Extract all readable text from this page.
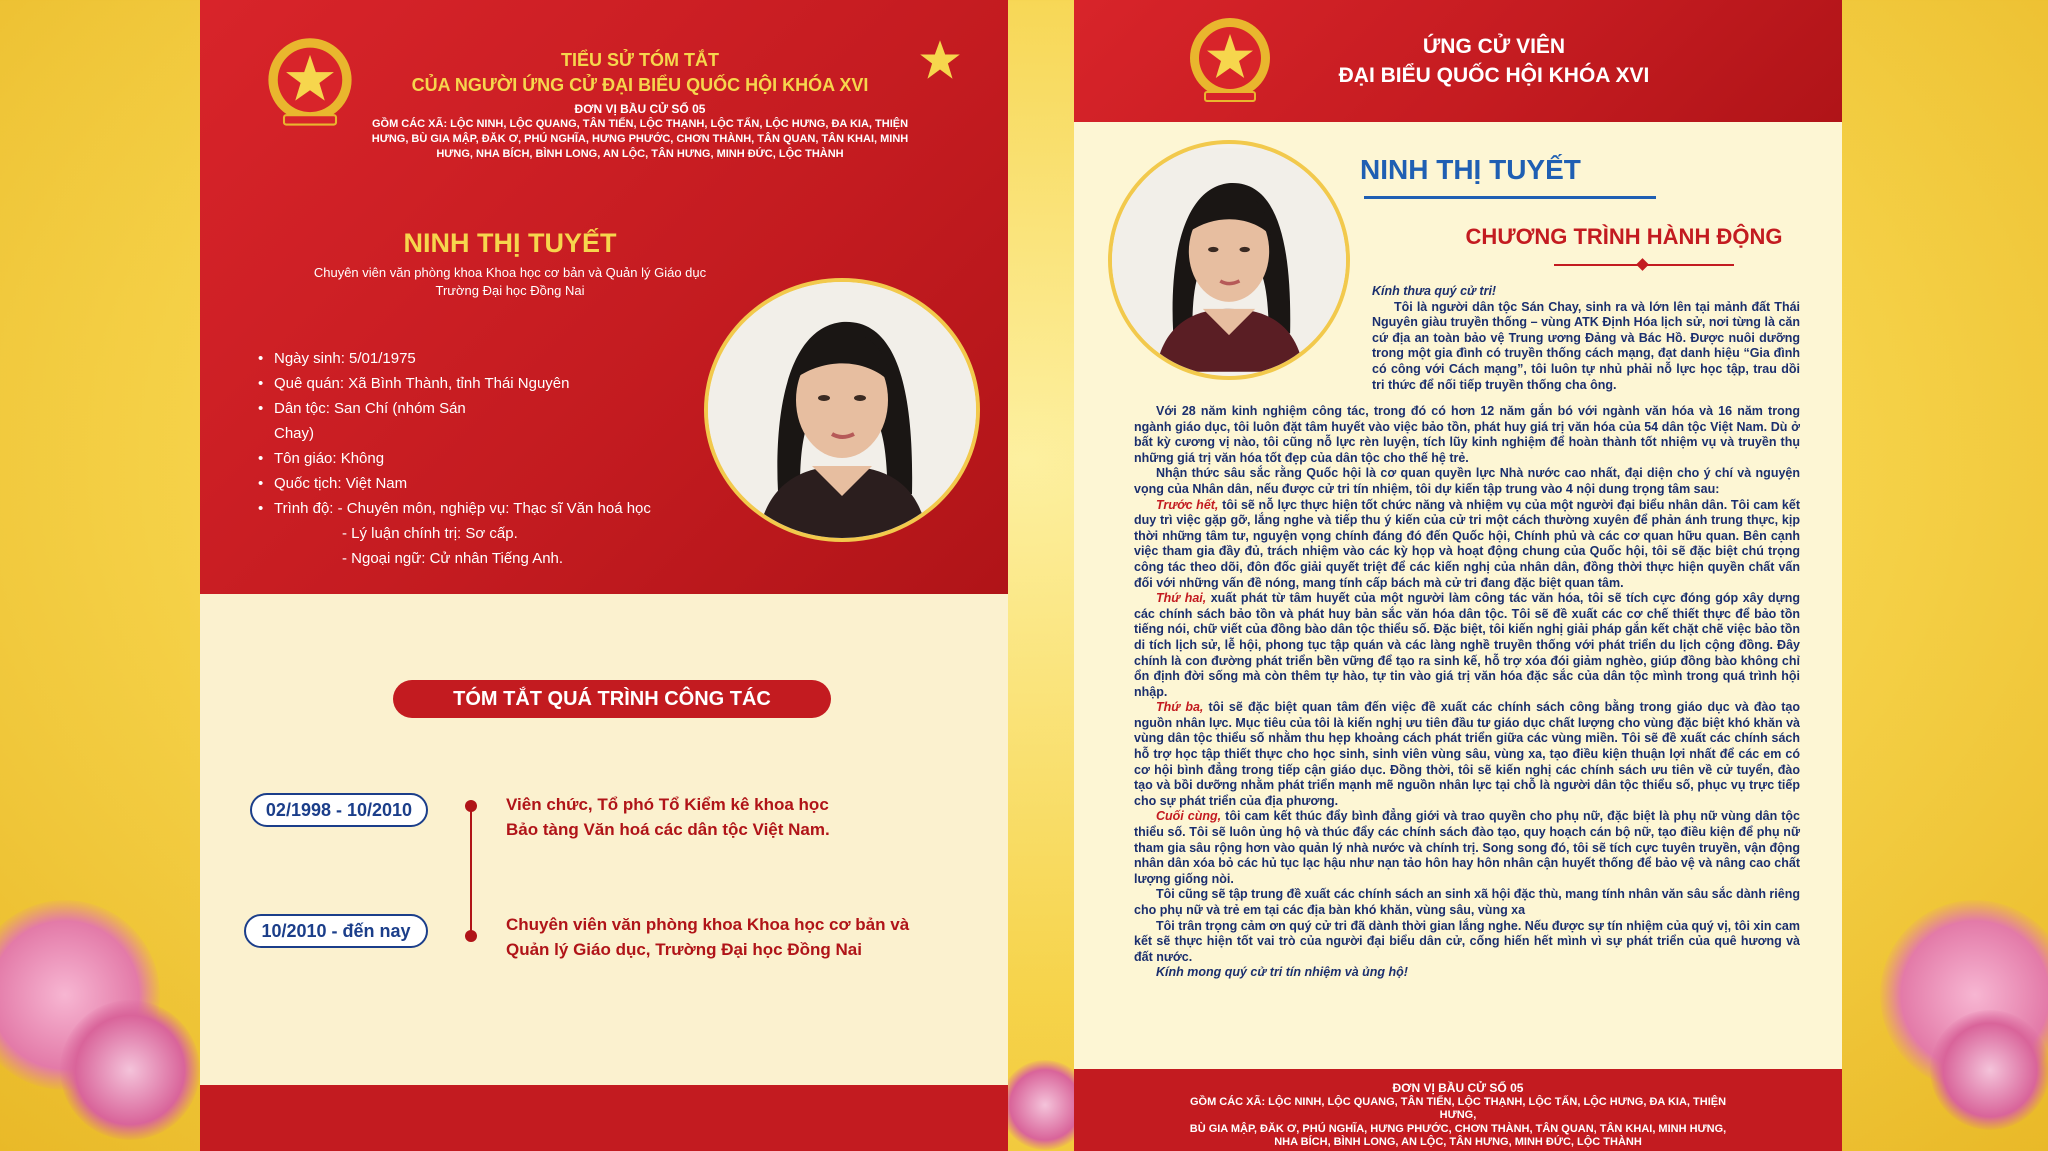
TIỂU SỬ TÓM TẮT
CỦA NGƯỜI ỨNG CỬ ĐẠI BIỂU QUỐC HỘI KHÓA XVI
ĐƠN VỊ BẦU CỬ SỐ 05
GỒM CÁC XÃ: LỘC NINH, LỘC QUANG, TÂN TIẾN, LỘC THẠNH, LỘC TẤN, LỘC HƯNG, ĐA KIA, THIỆN HƯNG, BÙ GIA MẬP, ĐĂK Ơ, PHÚ NGHĨA, HƯNG PHƯỚC, CHƠN THÀNH, TÂN QUAN, TÂN KHAI, MINH HƯNG, NHA BÍCH, BÌNH LONG, AN LỘC, TÂN HƯNG, MINH ĐỨC, LỘC THÀNH
NINH THỊ TUYẾT
Chuyên viên văn phòng khoa Khoa học cơ bản và Quản lý Giáo dục
Trường Đại học Đồng Nai
• Ngày sinh: 5/01/1975
• Quê quán: Xã Bình Thành, tỉnh Thái Nguyên
• Dân tộc: San Chí (nhóm Sán
Chay)
• Tôn giáo: Không
• Quốc tịch: Việt Nam
• Trình độ: - Chuyên môn, nghiệp vụ: Thạc sĩ Văn hoá học
- Lý luận chính trị: Sơ cấp.
- Ngoại ngữ: Cử nhân Tiếng Anh.
TÓM TẮT QUÁ TRÌNH CÔNG TÁC
02/1998 - 10/2010	Viên chức, Tổ phó Tổ Kiểm kê khoa học
Bảo tàng Văn hoá các dân tộc Việt Nam.
10/2010 - đến nay	Chuyên viên văn phòng khoa Khoa học cơ bản và
Quản lý Giáo dục, Trường Đại học Đồng Nai
ỨNG CỬ VIÊN
ĐẠI BIỂU QUỐC HỘI KHÓA XVI
NINH THỊ TUYẾT
CHƯƠNG TRÌNH HÀNH ĐỘNG
Kính thưa quý cử tri!

Tôi là người dân tộc Sán Chay, sinh ra và lớn lên tại mảnh đất Thái Nguyên giàu truyền thống – vùng ATK Định Hóa lịch sử, nơi từng là căn cứ địa an toàn bảo vệ Trung ương Đảng và Bác Hồ. Được nuôi dưỡng trong một gia đình có truyền thống cách mạng, đạt danh hiệu “Gia đình có công với Cách mạng”, tôi luôn tự nhủ phải nỗ lực học tập, trau dồi tri thức để nối tiếp truyền thống cha ông.

Với 28 năm kinh nghiệm công tác, trong đó có hơn 12 năm gắn bó với ngành văn hóa và 16 năm trong ngành giáo dục, tôi luôn đặt tâm huyết vào việc bảo tồn, phát huy giá trị văn hóa của 54 dân tộc Việt Nam. Dù ở bất kỳ cương vị nào, tôi cũng nỗ lực rèn luyện, tích lũy kinh nghiệm để hoàn thành tốt nhiệm vụ và truyền thụ những giá trị văn hóa tốt đẹp của dân tộc cho thế hệ trẻ.

Nhận thức sâu sắc rằng Quốc hội là cơ quan quyền lực Nhà nước cao nhất, đại diện cho ý chí và nguyện vọng của Nhân dân, nếu được cử tri tín nhiệm, tôi dự kiến tập trung vào 4 nội dung trọng tâm sau:

Trước hết, tôi sẽ nỗ lực thực hiện tốt chức năng và nhiệm vụ của một người đại biểu nhân dân. Tôi cam kết duy trì việc gặp gỡ, lắng nghe và tiếp thu ý kiến của cử tri một cách thường xuyên để phản ánh trung thực, kịp thời những tâm tư, nguyện vọng chính đáng đó đến Quốc hội, Chính phủ và các cơ quan hữu quan. Bên cạnh việc tham gia đầy đủ, trách nhiệm vào các kỳ họp và hoạt động chung của Quốc hội, tôi sẽ đặc biệt chú trọng công tác theo dõi, đôn đốc giải quyết triệt để các kiến nghị của nhân dân, đồng thời thực hiện quyền chất vấn đối với những vấn đề nóng, mang tính cấp bách mà cử tri đang đặc biệt quan tâm.

Thứ hai, xuất phát từ tâm huyết của một người làm công tác văn hóa, tôi sẽ tích cực đóng góp xây dựng các chính sách bảo tồn và phát huy bản sắc văn hóa dân tộc. Tôi sẽ đề xuất các cơ chế thiết thực để bảo tồn tiếng nói, chữ viết của đồng bào dân tộc thiểu số. Đặc biệt, tôi kiến nghị giải pháp gắn kết chặt chẽ việc bảo tồn di tích lịch sử, lễ hội, phong tục tập quán và các làng nghề truyền thống với phát triển du lịch cộng đồng. Đây chính là con đường phát triển bền vững để tạo ra sinh kế, hỗ trợ xóa đói giảm nghèo, giúp đồng bào không chỉ ổn định đời sống mà còn thêm tự hào, tự tin vào giá trị văn hóa đặc sắc của dân tộc mình trong quá trình hội nhập.

Thứ ba, tôi sẽ đặc biệt quan tâm đến việc đề xuất các chính sách công bằng trong giáo dục và đào tạo nguồn nhân lực. Mục tiêu của tôi là kiến nghị ưu tiên đầu tư giáo dục chất lượng cho vùng đặc biệt khó khăn và vùng dân tộc thiểu số nhằm thu hẹp khoảng cách phát triển giữa các vùng miền. Tôi sẽ đề xuất các chính sách hỗ trợ học tập thiết thực cho học sinh, sinh viên vùng sâu, vùng xa, tạo điều kiện thuận lợi nhất để các em có cơ hội bình đẳng trong tiếp cận giáo dục. Đồng thời, tôi sẽ kiến nghị các chính sách ưu tiên về cử tuyển, đào tạo và bồi dưỡng nhằm phát triển mạnh mẽ nguồn nhân lực tại chỗ là người dân tộc thiểu số, phục vụ trực tiếp cho sự phát triển của địa phương.

Cuối cùng, tôi cam kết thúc đẩy bình đẳng giới và trao quyền cho phụ nữ, đặc biệt là phụ nữ vùng dân tộc thiểu số. Tôi sẽ luôn ủng hộ và thúc đẩy các chính sách đào tạo, quy hoạch cán bộ nữ, tạo điều kiện để phụ nữ tham gia sâu rộng hơn vào quản lý nhà nước và chính trị. Song song đó, tôi sẽ tích cực tuyên truyền, vận động nhân dân xóa bỏ các hủ tục lạc hậu như nạn tảo hôn hay hôn nhân cận huyết thống để bảo vệ và nâng cao chất lượng giống nòi.

Tôi cũng sẽ tập trung đề xuất các chính sách an sinh xã hội đặc thù, mang tính nhân văn sâu sắc dành riêng cho phụ nữ và trẻ em tại các địa bàn khó khăn, vùng sâu, vùng xa

Tôi trân trọng cảm ơn quý cử tri đã dành thời gian lắng nghe. Nếu được sự tín nhiệm của quý vị, tôi xin cam kết sẽ thực hiện tốt vai trò của người đại biểu dân cử, cống hiến hết mình vì sự phát triển của quê hương và đất nước.

Kính mong quý cử tri tín nhiệm và ủng hộ!

ĐƠN VỊ BẦU CỬ SỐ 05
GỒM CÁC XÃ: LỘC NINH, LỘC QUANG, TÂN TIẾN, LỘC THẠNH, LỘC TẤN, LỘC HƯNG, ĐA KIA, THIỆN HƯNG,
BÙ GIA MẬP, ĐĂK Ơ, PHÚ NGHĨA, HƯNG PHƯỚC, CHƠN THÀNH, TÂN QUAN, TÂN KHAI, MINH HƯNG,
NHA BÍCH, BÌNH LONG, AN LỘC, TÂN HƯNG, MINH ĐỨC, LỘC THÀNH
